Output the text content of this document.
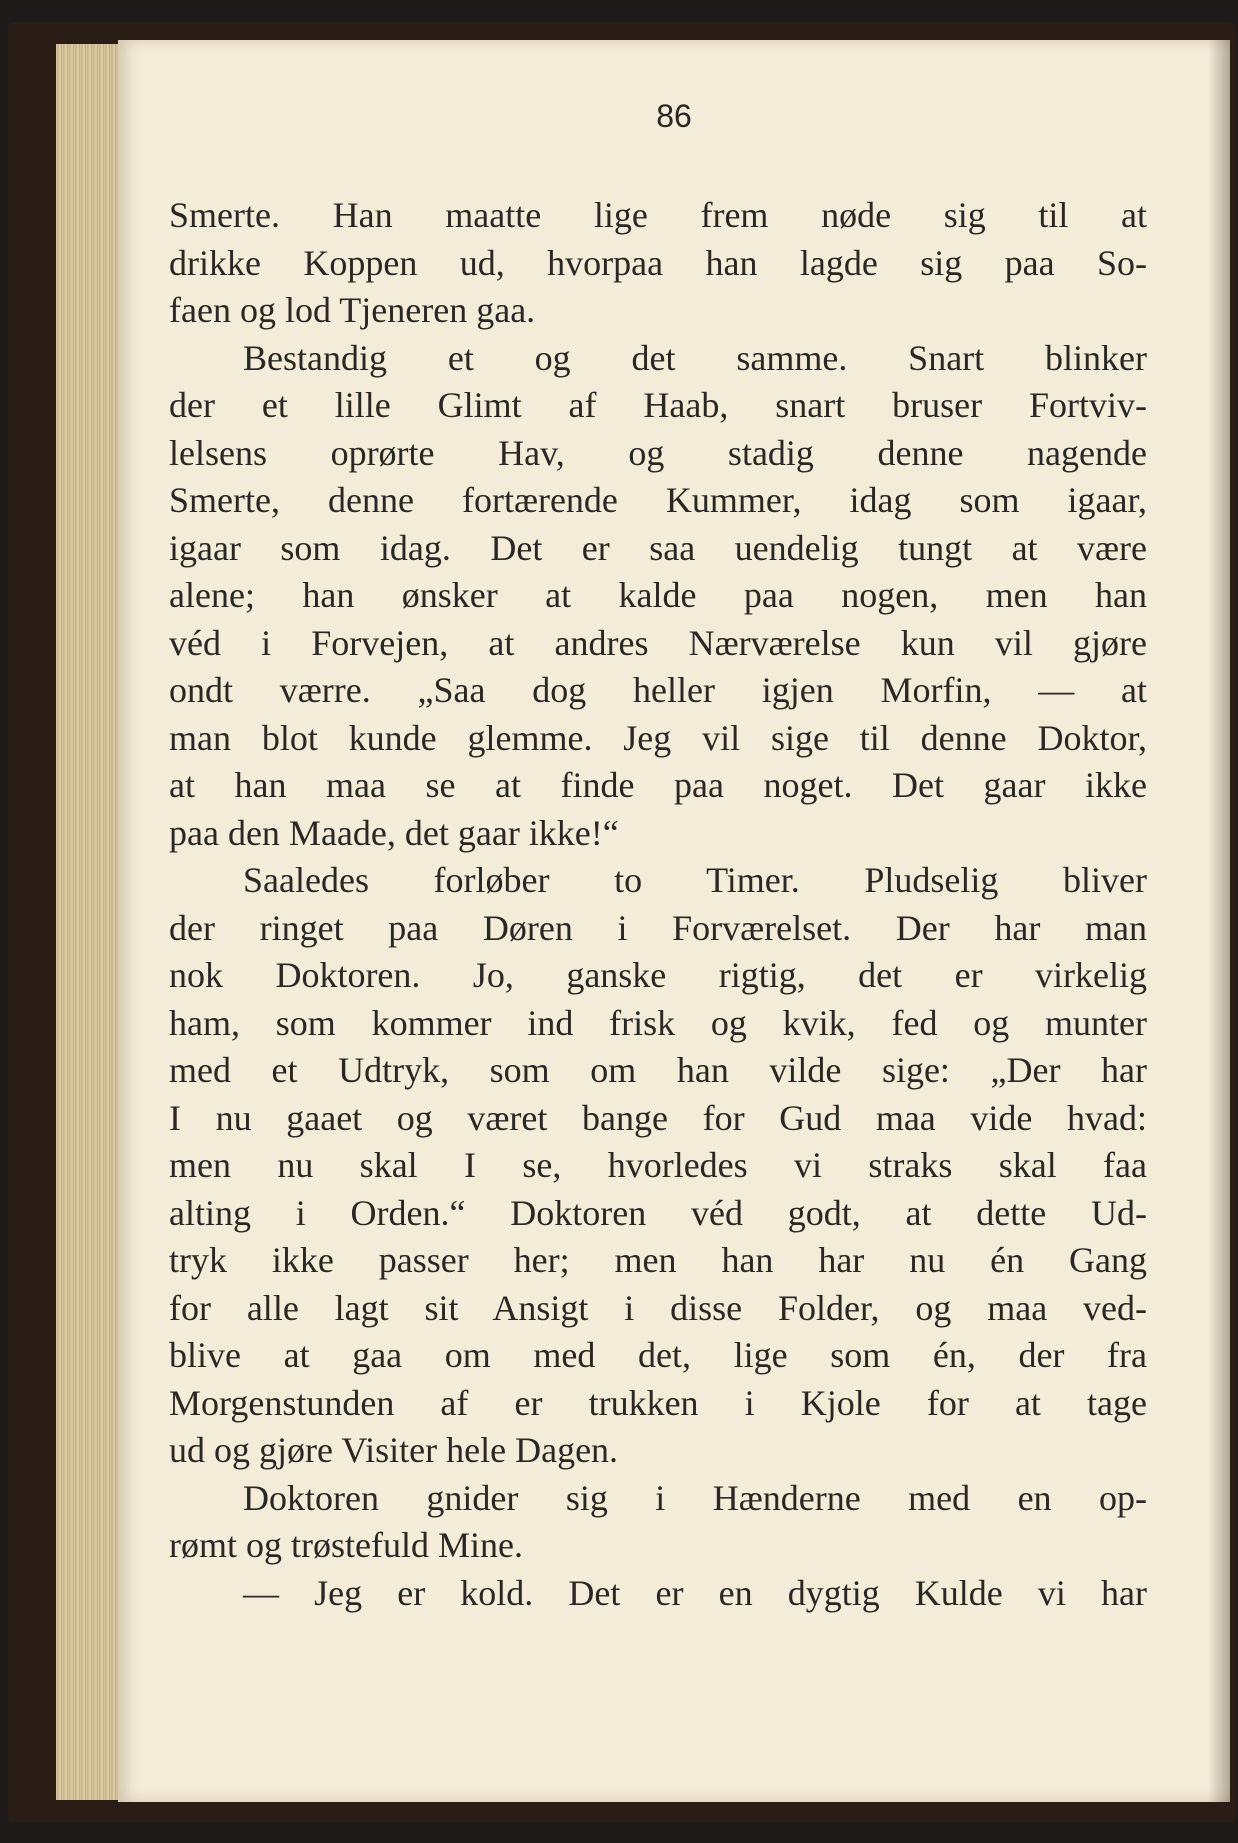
86
Smerte. Han maatte lige frem nøde sig til at
drikke Koppen ud, hvorpaa han lagde sig paa So-
faen og lod Tjeneren gaa.
Bestandig et og det samme. Snart blinker
der et lille Glimt af Haab, snart bruser Fortviv-
lelsens oprørte Hav, og stadig denne nagende
Smerte, denne fortærende Kummer, idag som igaar,
igaar som idag. Det er saa uendelig tungt at være
alene; han ønsker at kalde paa nogen, men han
véd i Forvejen, at andres Nærværelse kun vil gjøre
ondt værre. „Saa dog heller igjen Morfin, — at
man blot kunde glemme. Jeg vil sige til denne Doktor,
at han maa se at finde paa noget. Det gaar ikke
paa den Maade, det gaar ikke!“
Saaledes forløber to Timer. Pludselig bliver
der ringet paa Døren i Forværelset. Der har man
nok Doktoren. Jo, ganske rigtig, det er virkelig
ham, som kommer ind frisk og kvik, fed og munter
med et Udtryk, som om han vilde sige: „Der har
I nu gaaet og været bange for Gud maa vide hvad:
men nu skal I se, hvorledes vi straks skal faa
alting i Orden.“ Doktoren véd godt, at dette Ud-
tryk ikke passer her; men han har nu én Gang
for alle lagt sit Ansigt i disse Folder, og maa ved-
blive at gaa om med det, lige som én, der fra
Morgenstunden af er trukken i Kjole for at tage
ud og gjøre Visiter hele Dagen.
Doktoren gnider sig i Hænderne med en op-
rømt og trøstefuld Mine.
— Jeg er kold. Det er en dygtig Kulde vi har
